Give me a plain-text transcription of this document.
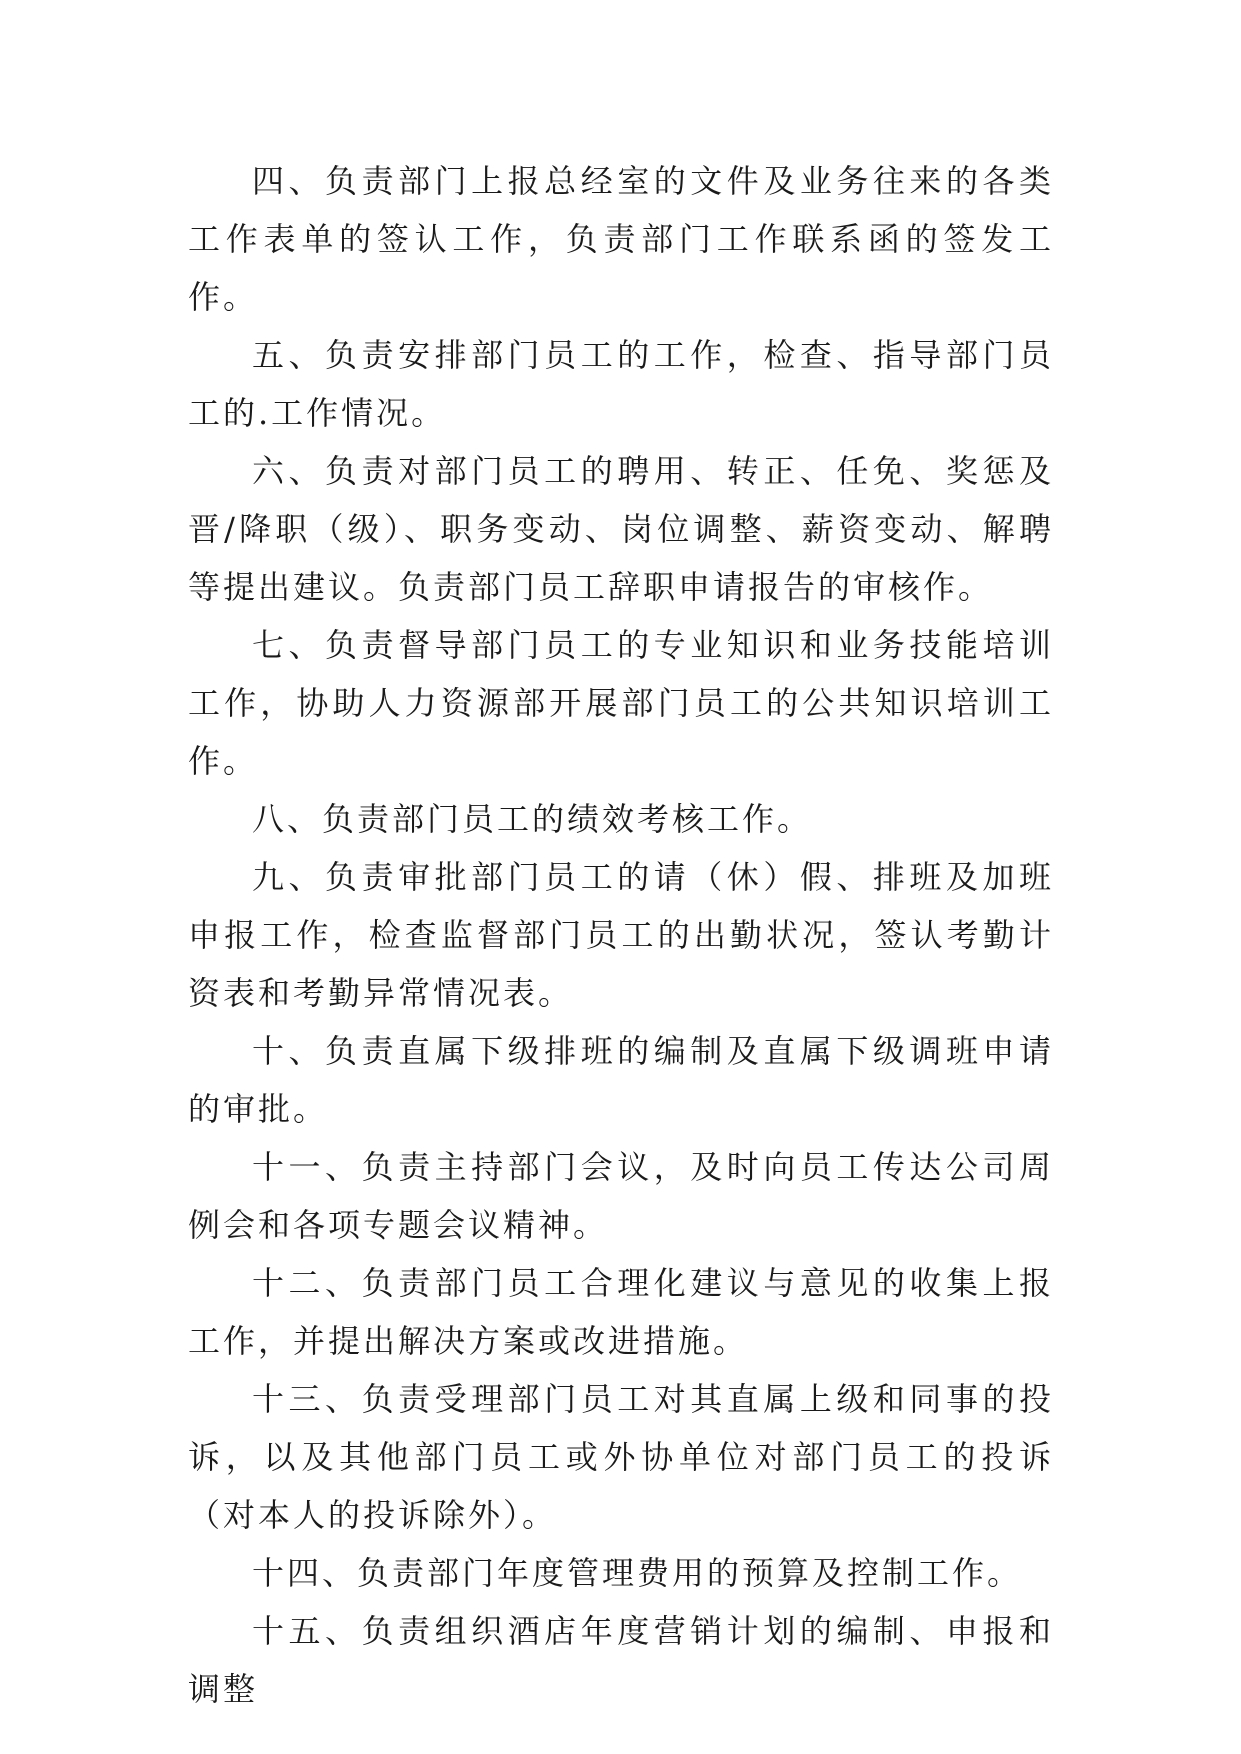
四、负责部门上报总经室的文件及业务往来的各类工作表单的签认工作，负责部门工作联系函的签发工作。

五、负责安排部门员工的工作，检查、指导部门员工的.工作情况。

六、负责对部门员工的聘用、转正、任免、奖惩及晋/降职（级）、职务变动、岗位调整、薪资变动、解聘等提出建议。负责部门员工辞职申请报告的审核作。

七、负责督导部门员工的专业知识和业务技能培训工作，协助人力资源部开展部门员工的公共知识培训工作。

八、负责部门员工的绩效考核工作。

九、负责审批部门员工的请（休）假、排班及加班申报工作，检查监督部门员工的出勤状况，签认考勤计资表和考勤异常情况表。

十、负责直属下级排班的编制及直属下级调班申请的审批。

十一、负责主持部门会议，及时向员工传达公司周例会和各项专题会议精神。

十二、负责部门员工合理化建议与意见的收集上报工作，并提出解决方案或改进措施。

十三、负责受理部门员工对其直属上级和同事的投诉，以及其他部门员工或外协单位对部门员工的投诉（对本人的投诉除外）。

十四、负责部门年度管理费用的预算及控制工作。

十五、负责组织酒店年度营销计划的编制、申报和调整
